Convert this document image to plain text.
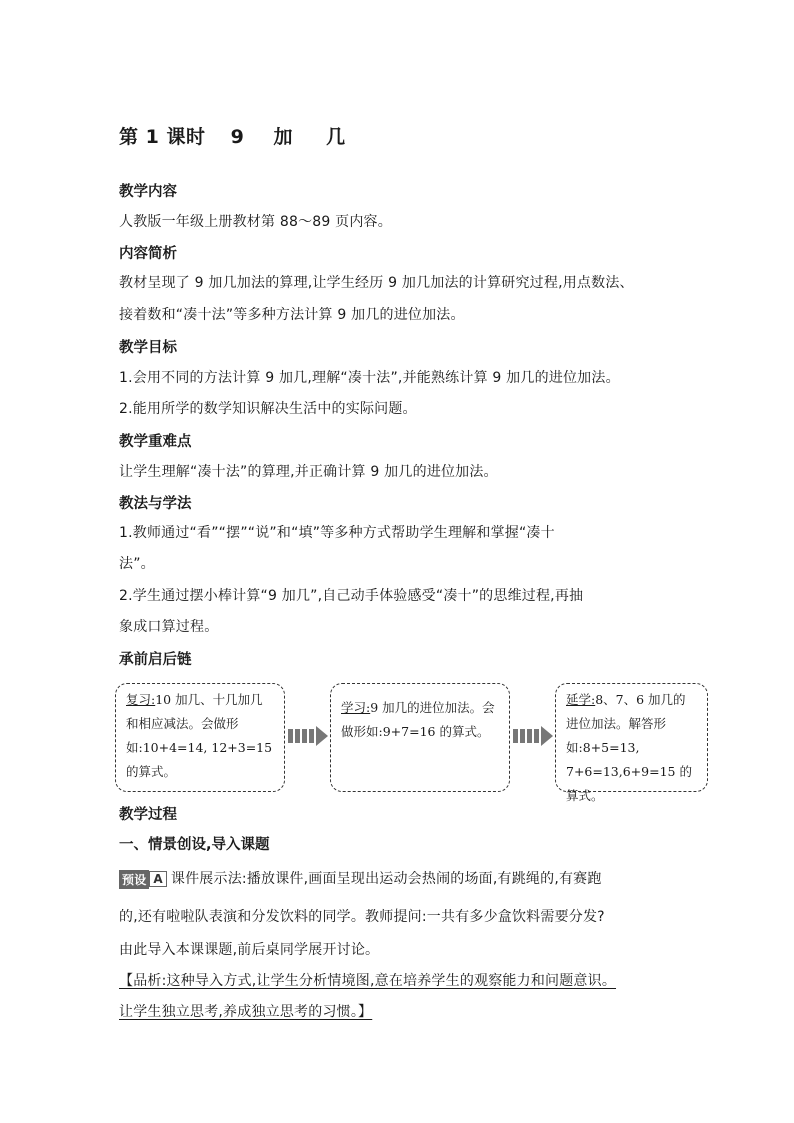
第 1 课时 9 加 几
教学内容
人教版一年级上册教材第 88～89 页内容。
内容简析
教材呈现了 9 加几加法的算理,让学生经历 9 加几加法的计算研究过程,用点数法、
接着数和“凑十法”等多种方法计算 9 加几的进位加法。
教学目标
1.会用不同的方法计算 9 加几,理解“凑十法”,并能熟练计算 9 加几的进位加法。
2.能用所学的数学知识解决生活中的实际问题。
教学重难点
让学生理解“凑十法”的算理,并正确计算 9 加几的进位加法。
教法与学法
1.教师通过“看”“摆”“说”和“填”等多种方式帮助学生理解和掌握“凑十
法”。
2.学生通过摆小棒计算“9 加几”,自己动手体验感受“凑十”的思维过程,再抽
象成口算过程。
承前启后链
复习:10 加几、十几加几和相应减法。会做形如:10+4=14, 12+3=15 的算式。
学习:9 加几的进位加法。会做形如:9+7=16 的算式。
延学:8、7、6 加几的进位加法。解答形如:8+5=13, 7+6=13,6+9=15 的算式。
教学过程
一、情景创设,导入课题
预设 A 课件展示法:播放课件,画面呈现出运动会热闹的场面,有跳绳的,有赛跑
的,还有啦啦队表演和分发饮料的同学。教师提问:一共有多少盒饮料需要分发?
由此导入本课课题,前后桌同学展开讨论。
【品析:这种导入方式,让学生分析情境图,意在培养学生的观察能力和问题意识。
让学生独立思考,养成独立思考的习惯。】
